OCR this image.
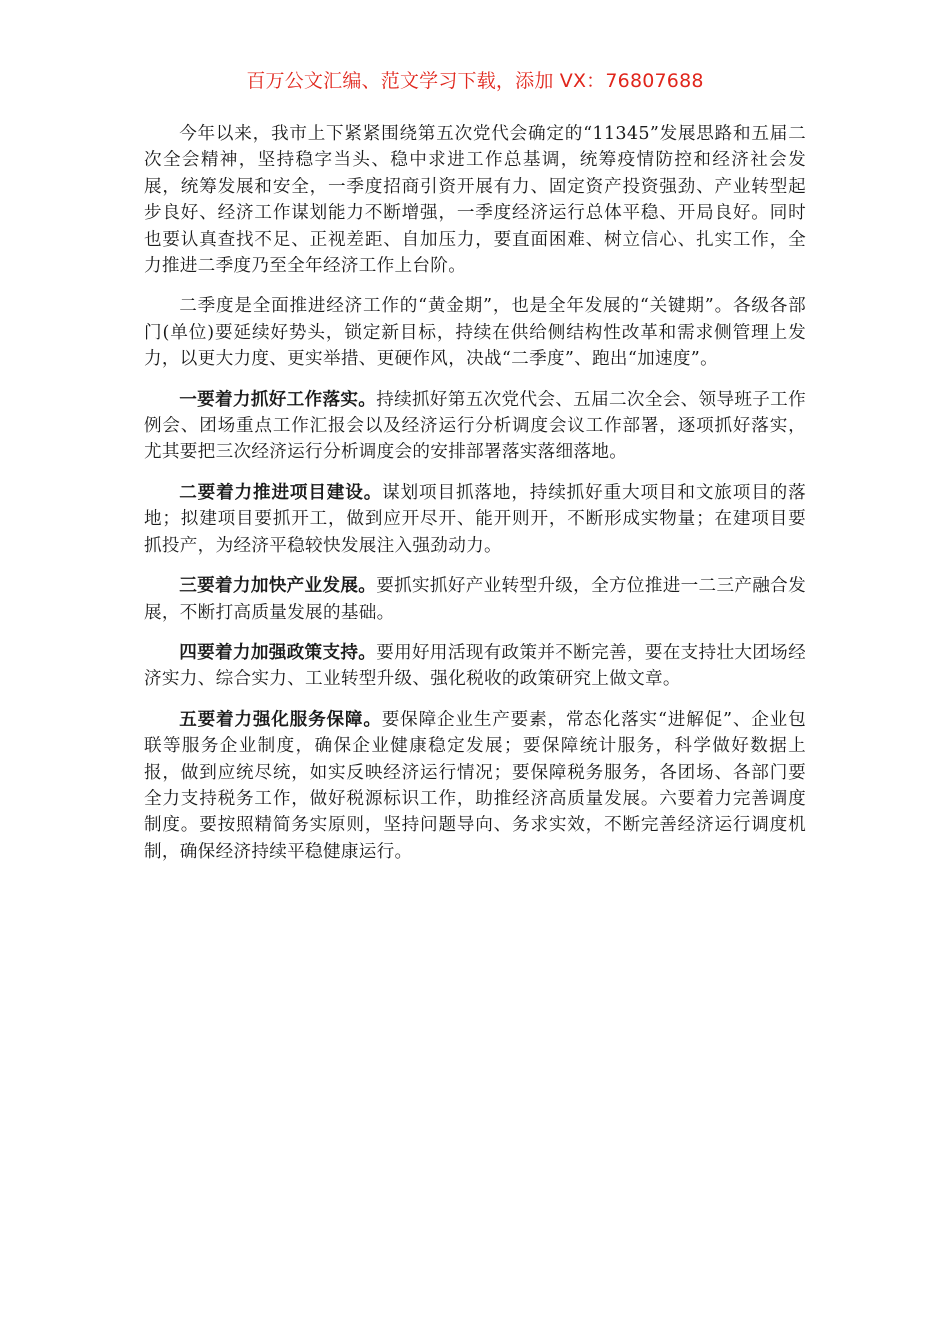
百万公文汇编、范文学习下载，添加 VX：76807688

今年以来，我市上下紧紧围绕第五次党代会确定的“11345”发展思路和五届二次全会精神，坚持稳字当头、稳中求进工作总基调，统筹疫情防控和经济社会发展，统筹发展和安全，一季度招商引资开展有力、固定资产投资强劲、产业转型起步良好、经济工作谋划能力不断增强，一季度经济运行总体平稳、开局良好。同时也要认真查找不足、正视差距、自加压力，要直面困难、树立信心、扎实工作，全力推进二季度乃至全年经济工作上台阶。

二季度是全面推进经济工作的“黄金期”，也是全年发展的“关键期”。各级各部门(单位)要延续好势头，锁定新目标，持续在供给侧结构性改革和需求侧管理上发力，以更大力度、更实举措、更硬作风，决战“二季度”、跑出“加速度”。

一要着力抓好工作落实。持续抓好第五次党代会、五届二次全会、领导班子工作例会、团场重点工作汇报会以及经济运行分析调度会议工作部署，逐项抓好落实，尤其要把三次经济运行分析调度会的安排部署落实落细落地。

二要着力推进项目建设。谋划项目抓落地，持续抓好重大项目和文旅项目的落地；拟建项目要抓开工，做到应开尽开、能开则开，不断形成实物量；在建项目要抓投产，为经济平稳较快发展注入强劲动力。

三要着力加快产业发展。要抓实抓好产业转型升级，全方位推进一二三产融合发展，不断打高质量发展的基础。

四要着力加强政策支持。要用好用活现有政策并不断完善，要在支持壮大团场经济实力、综合实力、工业转型升级、强化税收的政策研究上做文章。

五要着力强化服务保障。要保障企业生产要素，常态化落实“进解促”、企业包联等服务企业制度，确保企业健康稳定发展；要保障统计服务，科学做好数据上报，做到应统尽统，如实反映经济运行情况；要保障税务服务，各团场、各部门要全力支持税务工作，做好税源标识工作，助推经济高质量发展。六要着力完善调度制度。要按照精简务实原则，坚持问题导向、务求实效，不断完善经济运行调度机制，确保经济持续平稳健康运行。
